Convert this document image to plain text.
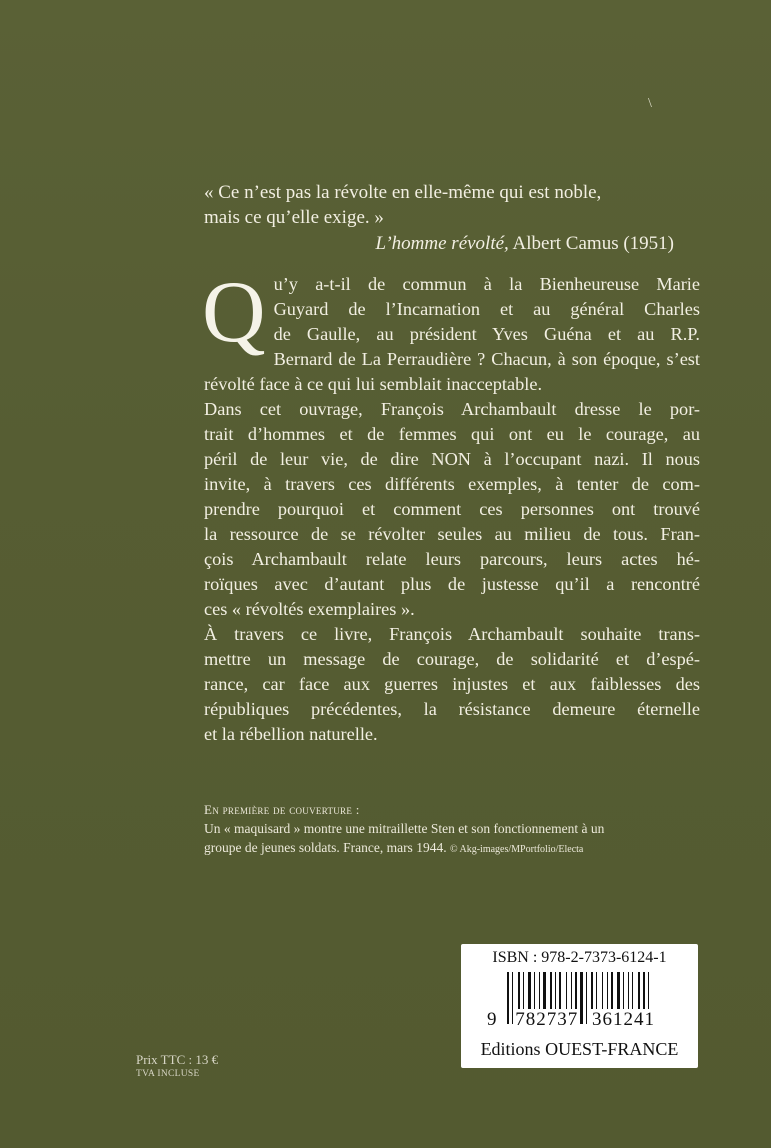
\
« Ce n’est pas la révolte en elle-même qui est noble,
mais ce qu’elle exige. »
L’homme révolté, Albert Camus (1951)

Q u’y a-t-il de commun à la Bienheureuse Marie
Guyard de l’Incarnation et au général Charles
de Gaulle, au président Yves Guéna et au R.P.
Bernard de La Perraudière ? Chacun, à son époque, s’est
révolté face à ce qui lui semblait inacceptable.

Dans cet ouvrage, François Archambault dresse le por-
trait d’hommes et de femmes qui ont eu le courage, au
péril de leur vie, de dire NON à l’occupant nazi. Il nous
invite, à travers ces différents exemples, à tenter de com-
prendre pourquoi et comment ces personnes ont trouvé
la ressource de se révolter seules au milieu de tous. Fran-
çois Archambault relate leurs parcours, leurs actes hé-
roïques avec d’autant plus de justesse qu’il a rencontré
ces « révoltés exemplaires ».

À travers ce livre, François Archambault souhaite trans-
mettre un message de courage, de solidarité et d’espé-
rance, car face aux guerres injustes et aux faiblesses des
républiques précédentes, la résistance demeure éternelle
et la rébellion naturelle.

En première de couverture :
Un « maquisard » montre une mitraillette Sten et son fonctionnement à un
groupe de jeunes soldats. France, mars 1944. © Akg-images/MPortfolio/Electa
ISBN : 978-2-7373-6124-1
9 782737 361241
Editions OUEST-FRANCE
Prix TTC : 13 €
TVA INCLUSE
